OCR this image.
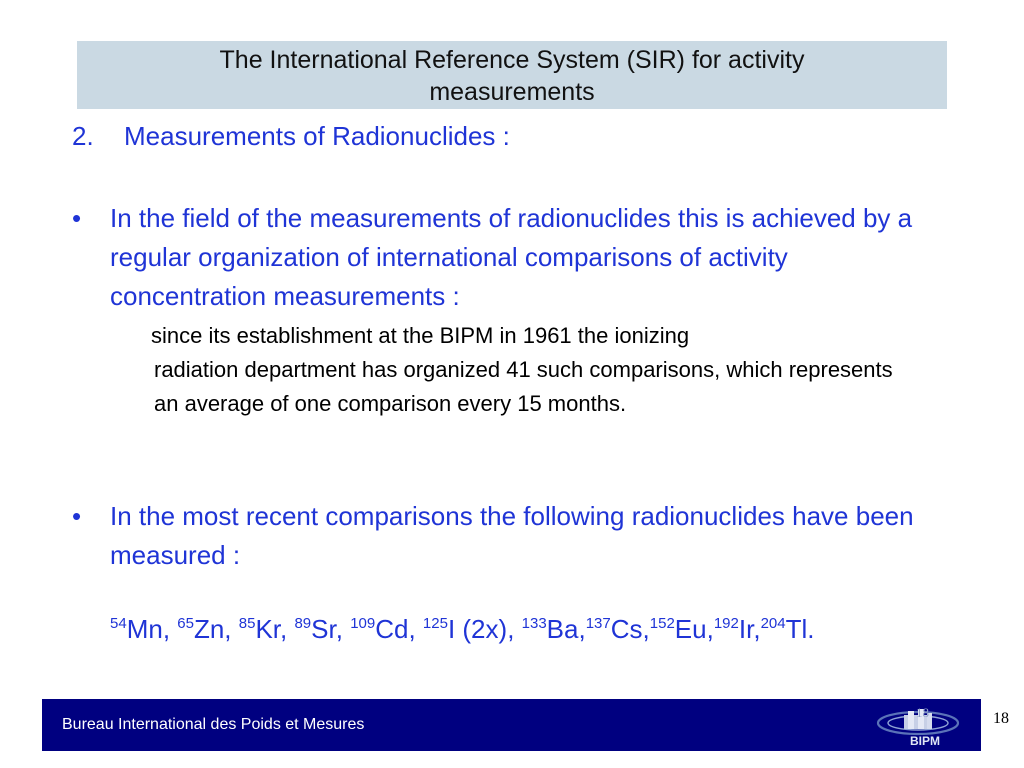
The International Reference System (SIR) for activity
measurements
2. Measurements of Radionuclides :
• In the field of the measurements of radionuclides this is achieved by a regular organization of international comparisons of activity concentration measurements :
since its establishment at the BIPM in 1961 the ionizing
radiation department has organized 41 such comparisons, which represents an average of one comparison every 15 months.
• In the most recent comparisons the following radionuclides have been measured :
$^{54}$Mn, $^{65}$Zn, $^{85}$Kr, $^{89}$Sr, $^{109}$Cd, $^{125}$I (2x), $^{133}$Ba,$^{137}$Cs,$^{152}$Eu,$^{192}$Ir,$^{204}$Tl.
Bureau International des Poids et Mesures
BIPM
18	18
